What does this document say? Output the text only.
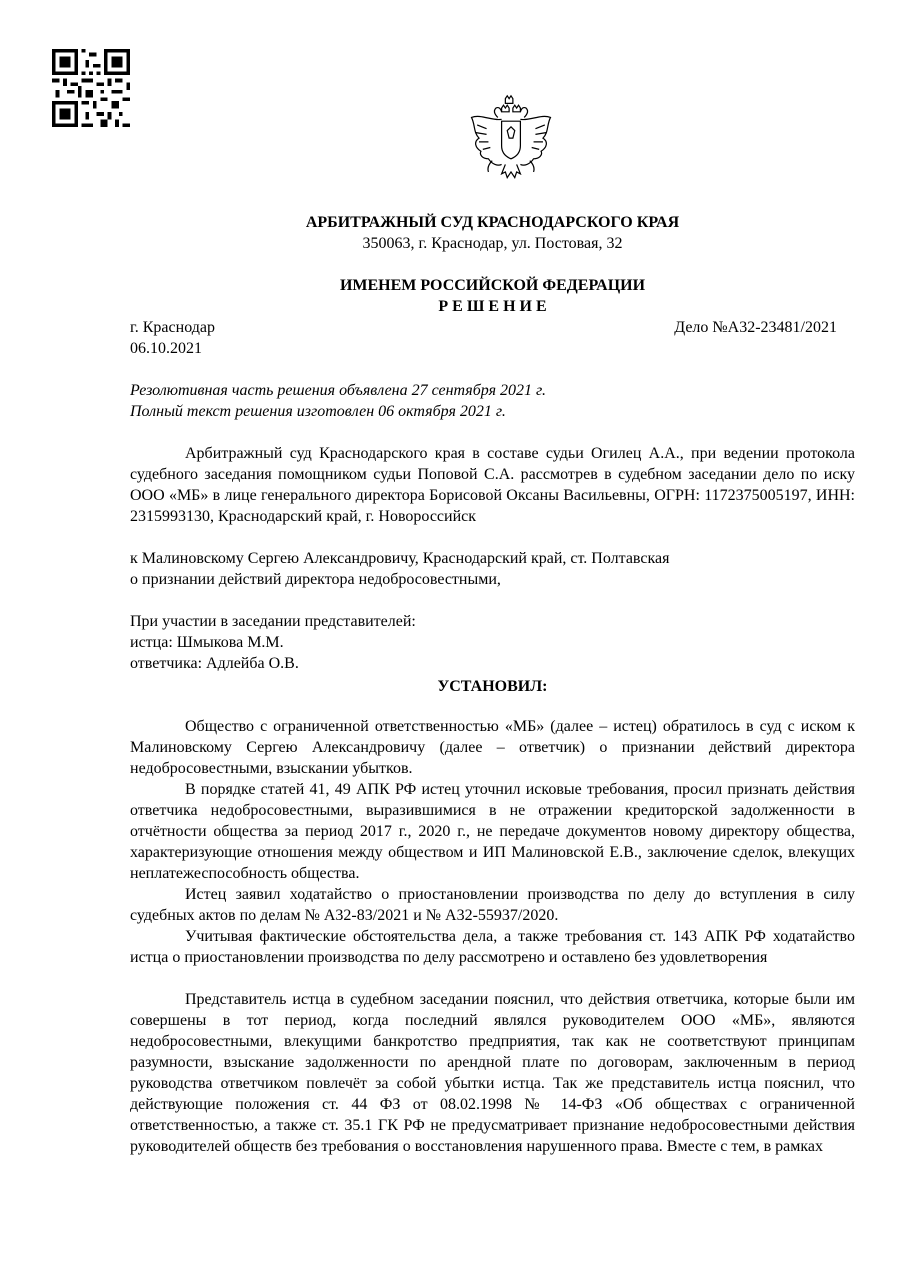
АРБИТРАЖНЫЙ СУД КРАСНОДАРСКОГО КРАЯ
350063, г. Краснодар, ул. Постовая, 32
ИМЕНЕМ РОССИЙСКОЙ ФЕДЕРАЦИИ
Р Е Ш Е Н И Е
г. Краснодар	Дело №А32-23481/2021
06.10.2021
Резолютивная часть решения объявлена 27 сентября 2021 г.
Полный текст решения изготовлен 06 октября 2021 г.

Арбитражный суд Краснодарского края в составе судьи Огилец А.А., при ведении протокола судебного заседания помощником судьи Поповой С.А. рассмотрев в судебном заседании дело по иску ООО «МБ» в лице генерального директора Борисовой Оксаны Васильевны, ОГРН: 1172375005197, ИНН: 2315993130, Краснодарский край, г. Новороссийск

к Малиновскому Сергею Александровичу, Краснодарский край, ст. Полтавская

о признании действий директора недобросовестными,

При участии в заседании представителей:
истца: Шмыкова М.М.
ответчика: Адлейба О.В.
УСТАНОВИЛ:

Общество с ограниченной ответственностью «МБ» (далее – истец) обратилось в суд с иском к Малиновскому Сергею Александровичу (далее – ответчик) о признании действий директора недобросовестными, взыскании убытков.

В порядке статей 41, 49 АПК РФ истец уточнил исковые требования, просил признать действия ответчика недобросовестными, выразившимися в не отражении кредиторской задолженности в отчётности общества за период 2017 г., 2020 г., не передаче документов новому директору общества, характеризующие отношения между обществом и ИП Малиновской Е.В., заключение сделок, влекущих неплатежеспособность общества.

Истец заявил ходатайство о приостановлении производства по делу до вступления в силу судебных актов по делам № А32-83/2021 и № А32-55937/2020.

Учитывая фактические обстоятельства дела, а также требования ст. 143 АПК РФ ходатайство истца о приостановлении производства по делу рассмотрено и оставлено без удовлетворения

Представитель истца в судебном заседании пояснил, что действия ответчика, которые были им совершены в тот период, когда последний являлся руководителем ООО «МБ», являются недобросовестными, влекущими банкротство предприятия, так как не соответствуют принципам разумности, взыскание задолженности по арендной плате по договорам, заключенным в период руководства ответчиком повлечёт за собой убытки истца. Так же представитель истца пояснил, что действующие положения ст. 44 ФЗ от 08.02.1998 № 14-ФЗ «Об обществах с ограниченной ответственностью, а также ст. 35.1 ГК РФ не предусматривает признание недобросовестными действия руководителей обществ без требования о восстановления нарушенного права. Вместе с тем, в рамках
